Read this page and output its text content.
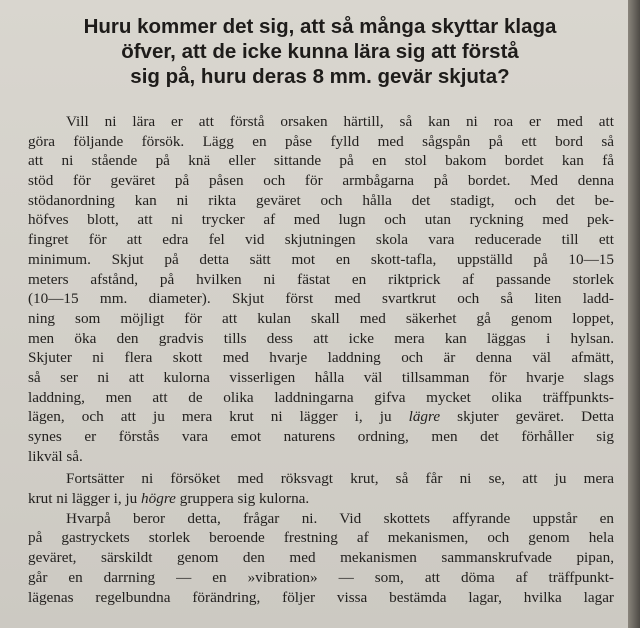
Huru kommer det sig, att så många skyttar klaga
öfver, att de icke kunna lära sig att förstå
sig på, huru deras 8 mm. gevär skjuta?

Vill ni lära er att förstå orsaken härtill, så kan ni roa er med att
göra följande försök. Lägg en påse fylld med sågspån på ett bord så
att ni stående på knä eller sittande på en stol bakom bordet kan få
stöd för geväret på påsen och för armbågarna på bordet. Med denna
stödanordning kan ni rikta geväret och hålla det stadigt, och det be-
höfves blott, att ni trycker af med lugn och utan ryckning med pek-
fingret för att edra fel vid skjutningen skola vara reducerade till ett
minimum. Skjut på detta sätt mot en skott-tafla, uppställd på 10—15
meters afstånd, på hvilken ni fästat en riktprick af passande storlek
(10—15 mm. diameter). Skjut först med svartkrut och så liten ladd-
ning som möjligt för att kulan skall med säkerhet gå genom loppet,
men öka den gradvis tills dess att icke mera kan läggas i hylsan.
Skjuter ni flera skott med hvarje laddning och är denna väl afmätt,
så ser ni att kulorna visserligen hålla väl tillsamman för hvarje slags
laddning, men att de olika laddningarna gifva mycket olika träffpunkts-
lägen, och att ju mera krut ni lägger i, ju lägre skjuter geväret. Detta
synes er förstås vara emot naturens ordning, men det förhåller sig
likväl så.

Fortsätter ni försöket med röksvagt krut, så får ni se, att ju mera
krut ni lägger i, ju högre gruppera sig kulorna.

Hvarpå beror detta, frågar ni. Vid skottets affyrande uppstår en
på gastryckets storlek beroende frestning af mekanismen, och genom hela
geväret, särskildt genom den med mekanismen sammanskrufvade pipan,
går en darrning — en »vibration» — som, att döma af träffpunkt-
lägenas regelbundna förändring, följer vissa bestämda lagar, hvilka lagar
